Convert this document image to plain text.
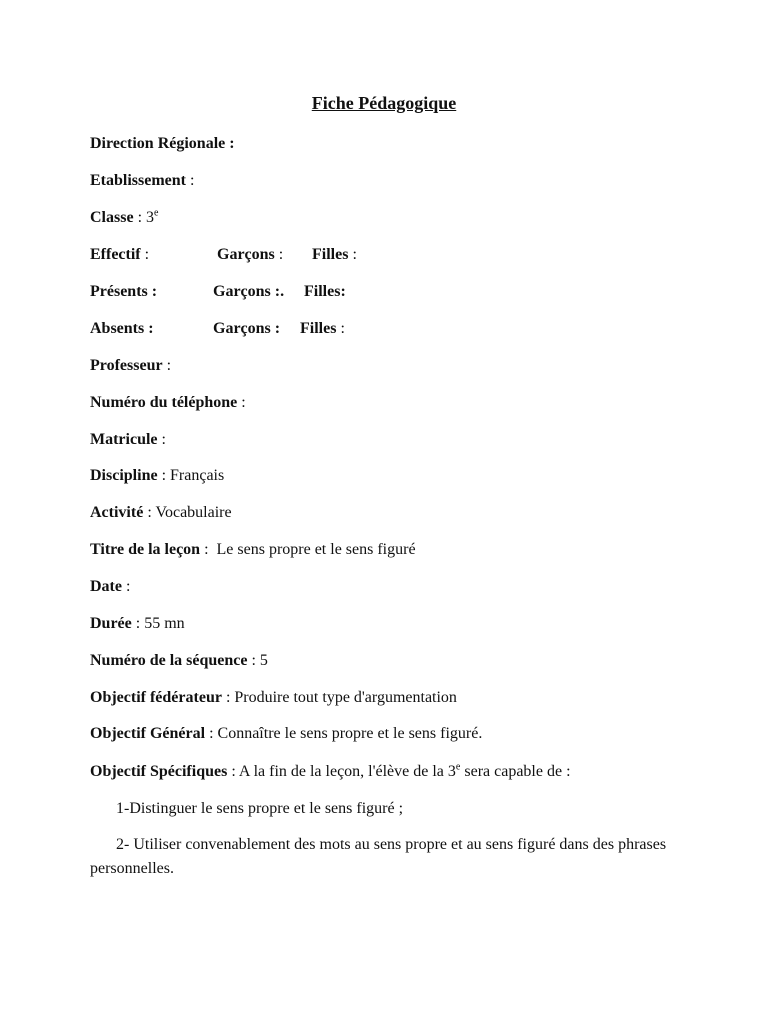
Fiche Pédagogique
Direction Régionale :
Etablissement :
Classe : 3e
Effectif :	Garçons : Filles :
Présents :	Garçons :. Filles:
Absents :	Garçons : Filles :
Professeur :
Numéro du téléphone :
Matricule :
Discipline : Français
Activité : Vocabulaire
Titre de la leçon :  Le sens propre et le sens figuré
Date :
Durée : 55 mn
Numéro de la séquence : 5
Objectif fédérateur : Produire tout type d'argumentation
Objectif Général : Connaître le sens propre et le sens figuré.
Objectif Spécifiques : A la fin de la leçon, l'élève de la 3e sera capable de :
1-Distinguer le sens propre et le sens figuré ;
2- Utiliser convenablement des mots au sens propre et au sens figuré dans des phrases personnelles.
